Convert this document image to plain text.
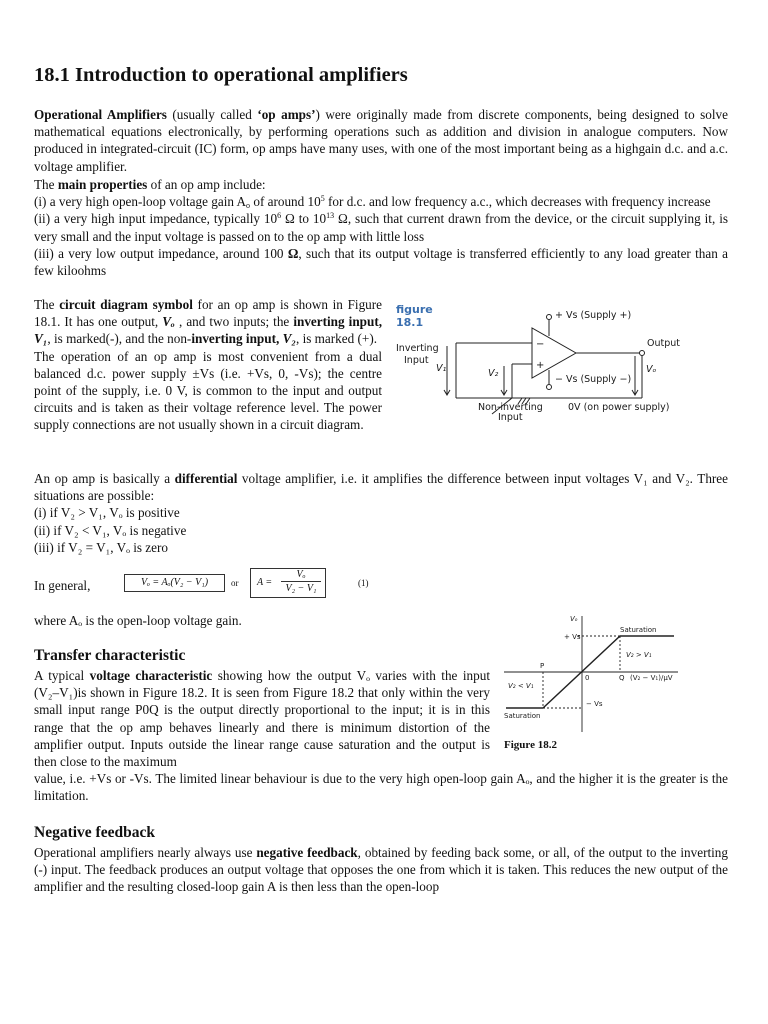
18.1 Introduction to operational amplifiers

Operational Amplifiers (usually called ‘op amps’) were originally made from discrete components, being designed to solve mathematical equations electronically, by performing operations such as addition and division in analogue computers. Now produced in integrated-circuit (IC) form, op amps have many uses, with one of the most important being as a highgain d.c. and a.c. voltage amplifier.

The main properties of an op amp include:

(i) a very high open-loop voltage gain $A_o$ of around $10^5$ for d.c. and low frequency a.c., which decreases with frequency increase

(ii) a very high input impedance, typically $10^6$ Ω to $10^{13}$ Ω, such that current drawn from the device, or the circuit supplying it, is very small and the input voltage is passed on to the op amp with little loss

(iii) a very low output impedance, around 100 Ω, such that its output voltage is transferred efficiently to any load greater than a few kiloohms

The circuit diagram symbol for an op amp is shown in Figure 18.1. It has one output, Vₒ , and two inputs; the inverting input, V₁, is marked(-), and the non-inverting input, V₂, is marked (+).

The operation of an op amp is most convenient from a dual balanced d.c. power supply ±Vs (i.e. +Vs, 0, -Vs); the centre point of the supply, i.e. 0 V, is common to the input and output circuits and is taken as their voltage reference level. The power supply connections are not usually shown in a circuit diagram.

figure
18.1
−
+
+ Vs (Supply +)
− Vs (Supply −)
Output
Inverting
Input
V₁	V₂	Vₒ
Non-inverting
Input
0V (on power supply)

An op amp is basically a differential voltage amplifier, i.e. it amplifies the difference between input voltages V₁ and V₂. Three situations are possible:

(i) if V₂ > V₁, Vₒ is positive

(ii) if V₂ < V₁, Vₒ is negative

(iii) if V₂ = V₁, Vₒ is zero

In general,	Vₒ = Aₒ(V₂ − V₁)	or A =
Vₒ
V₂ − V₁	(1)

where Aₒ is the open-loop voltage gain.

Transfer characteristic

A typical voltage characteristic showing how the output Vₒ varies with the input (V₂–V₁)is shown in Figure 18.2. It is seen from Figure 18.2 that only within the very small input range P0Q is the output directly proportional to the input; it is in this range that the op amp behaves linearly and there is minimum distortion of the amplifier output. Inputs outside the linear range cause saturation and the output is then close to the maximum

value, i.e. +Vs or -Vs. The limited linear behaviour is due to the very high open-loop gain Aₒ, and the higher it is the greater is the limitation.

Vₒ
+ Vs
− Vs
Saturation
Saturation
V₂ > V₁
V₂ < V₁
P
0	Q (V₂ − V₁)/μV
Figure 18.2
Negative feedback

Operational amplifiers nearly always use negative feedback, obtained by feeding back some, or all, of the output to the inverting (-) input. The feedback produces an output voltage that opposes the one from which it is taken. This reduces the new output of the amplifier and the resulting closed-loop gain A is then less than the open-loop
